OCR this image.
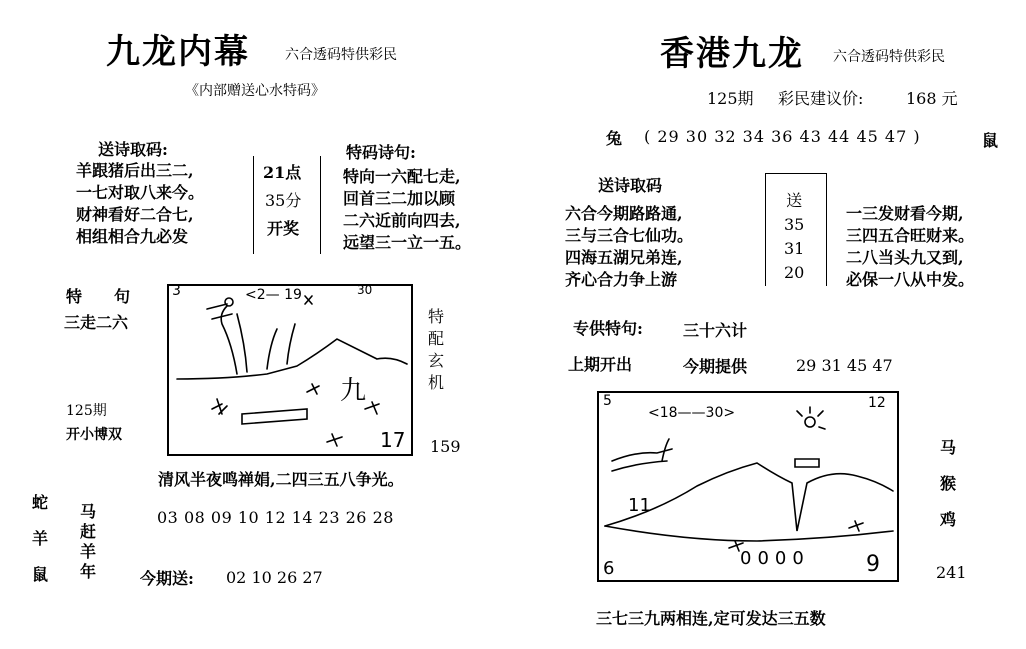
九龙内幕	六合透码特供彩民
《内部赠送心水特码》
送诗取码:
羊跟猪后出三二,
一七对取八来今。
财神看好二合七,
相组相合九必发
21点
35分
开奖
特码诗句:
特向一六配七走,
回首三二加以顾
二六近前向四去,
远望三一立一五。
特　　句
三走二六
125期
开小博双
3	<2— 19	30
九
17
特
配
玄
机
159
清风半夜鸣禅娟,二四三五八争光。
蛇
羊
鼠
马
赶
羊
年
03 08 09 10 12 14 23 26 28
今期送: 02 10 26 27
香港九龙 六合透码特供彩民
125期 彩民建议价:	168 元
兔 ( 29 30 32 34 36 43 44 45 47 )	鼠
送诗取码
六合今期路路通,
三与三合七仙功。
四海五湖兄弟连,
齐心合力争上游
送
35
31
20
一三发财看今期,
三四五合旺财来。
二八当头九又到,
必保一八从中发。
专供特句:	三十六计
上期开出	今期提供	29 31 45 47
5
<18——30>
12
6	0000	9
11
马
猴
鸡
241
三七三九两相连,定可发达三五数
